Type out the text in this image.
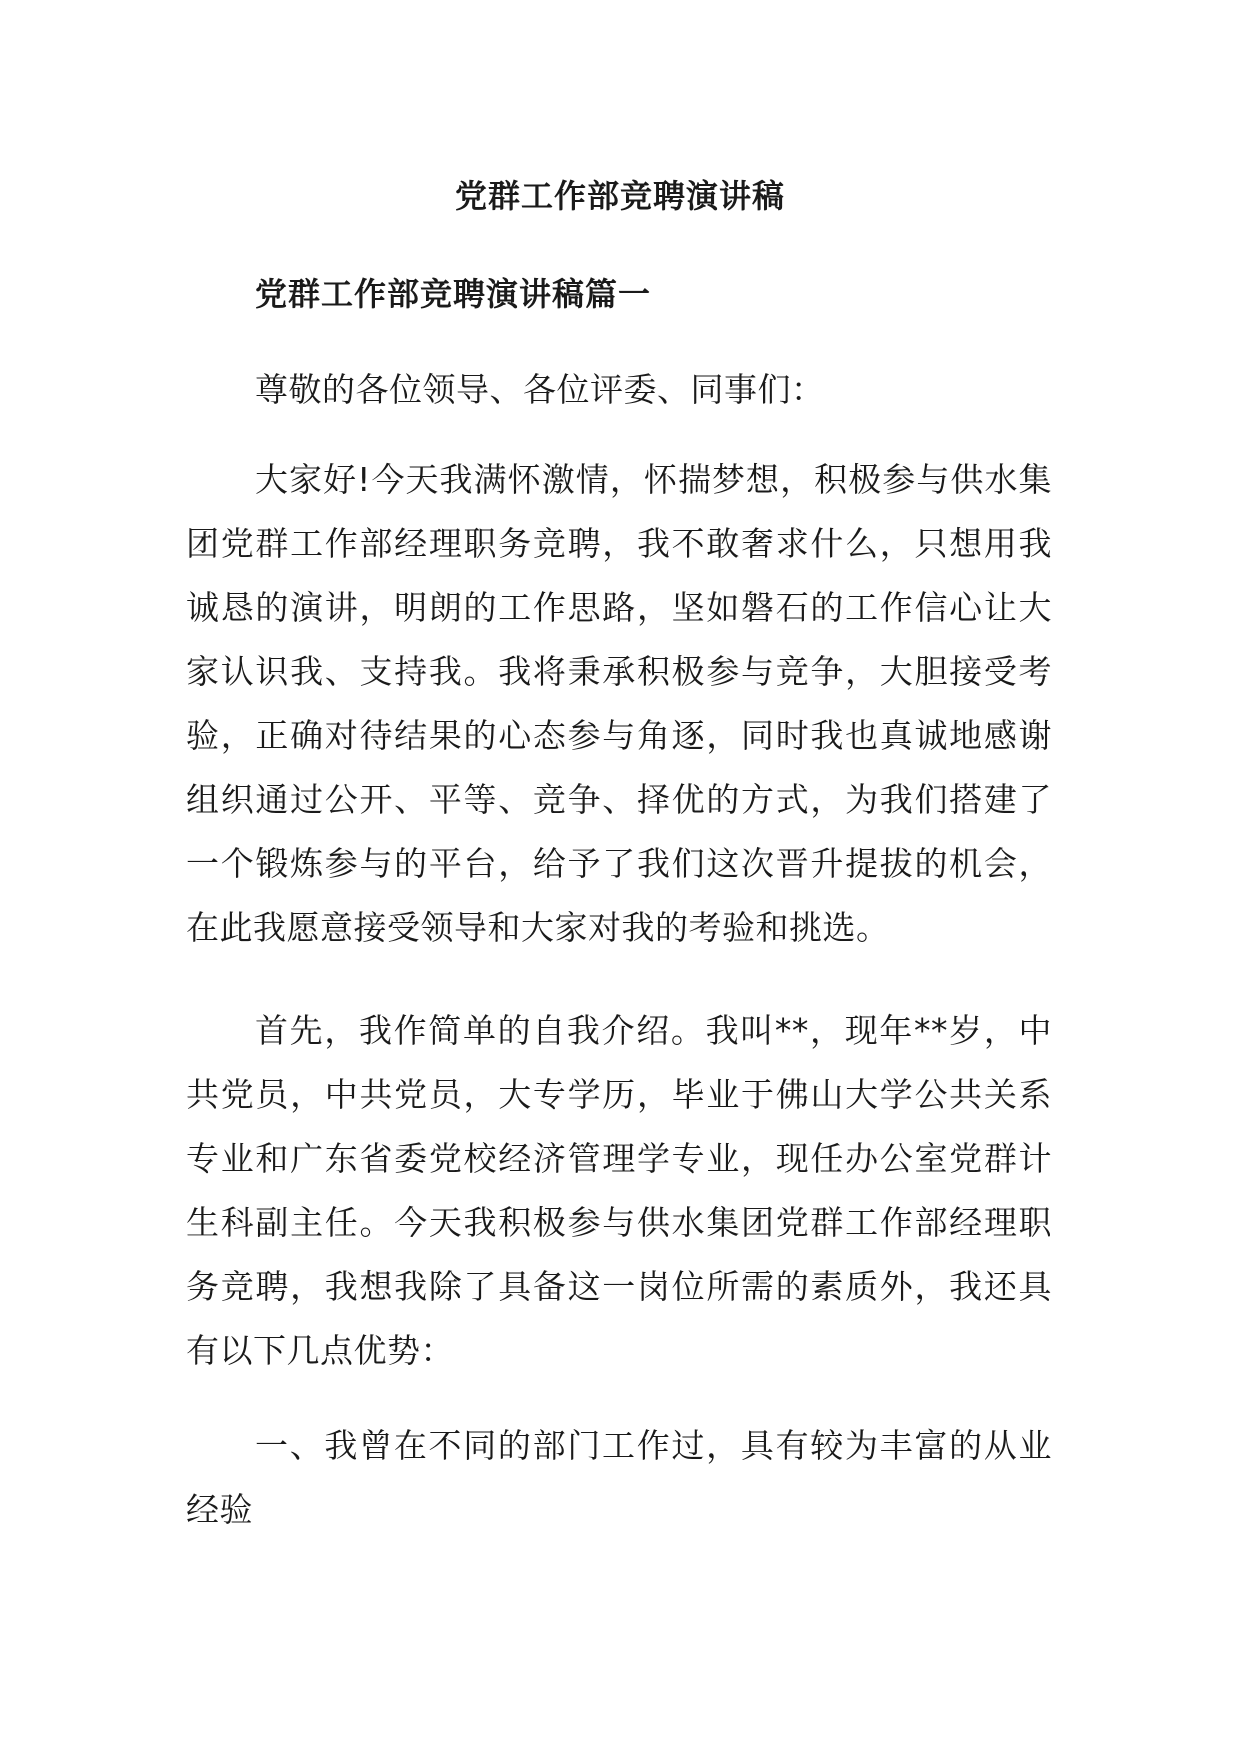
党群工作部竞聘演讲稿
党群工作部竞聘演讲稿篇一

尊敬的各位领导、各位评委、同事们：

大家好!今天我满怀激情，怀揣梦想，积极参与供水集团党群工作部经理职务竞聘，我不敢奢求什么，只想用我诚恳的演讲，明朗的工作思路，坚如磐石的工作信心让大家认识我、支持我。我将秉承积极参与竞争，大胆接受考验，正确对待结果的心态参与角逐，同时我也真诚地感谢组织通过公开、平等、竞争、择优的方式，为我们搭建了一个锻炼参与的平台，给予了我们这次晋升提拔的机会，在此我愿意接受领导和大家对我的考验和挑选。

首先，我作简单的自我介绍。我叫**，现年**岁，中共党员，中共党员，大专学历，毕业于佛山大学公共关系专业和广东省委党校经济管理学专业，现任办公室党群计生科副主任。今天我积极参与供水集团党群工作部经理职务竞聘，我想我除了具备这一岗位所需的素质外，我还具有以下几点优势：

一、我曾在不同的部门工作过，具有较为丰富的从业经验
